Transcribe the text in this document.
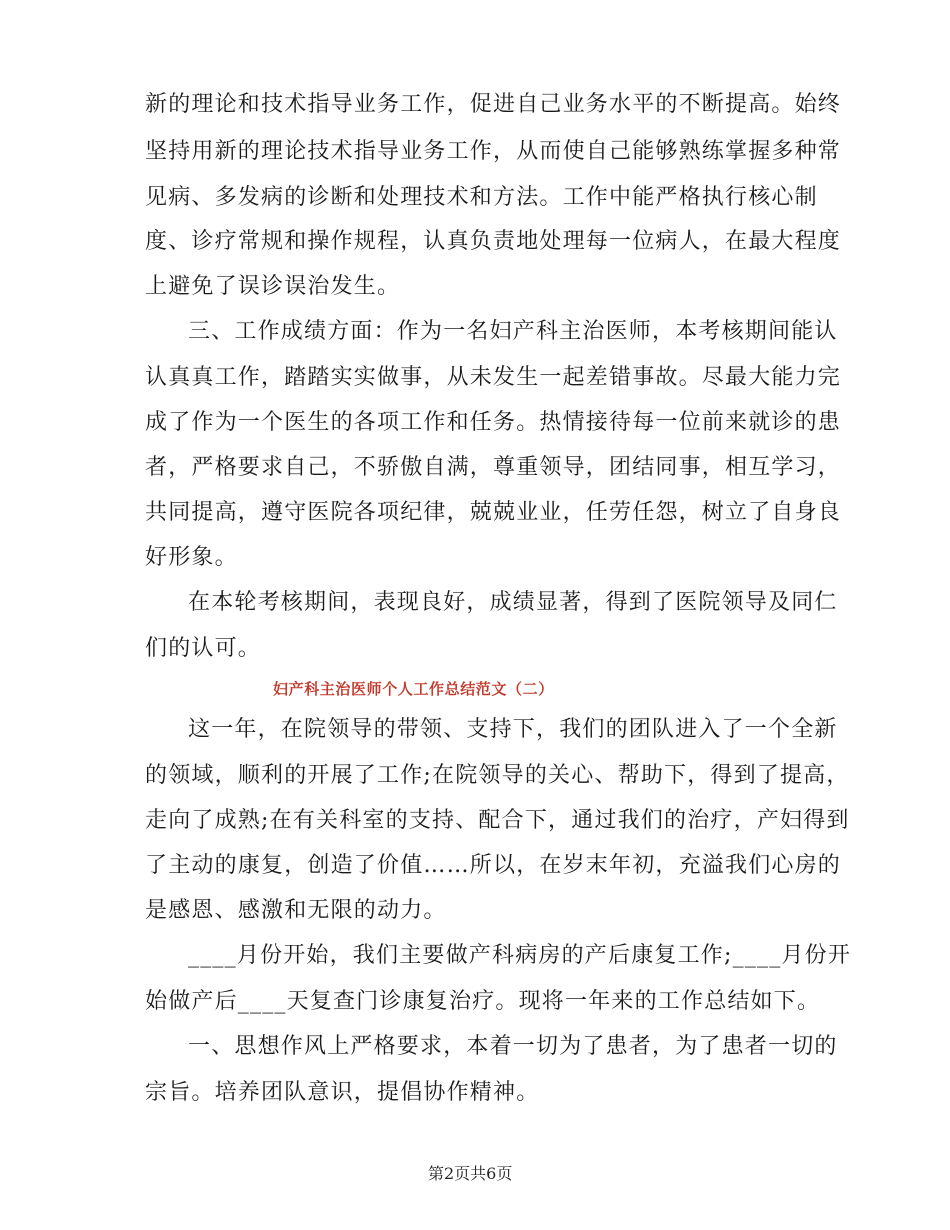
新的理论和技术指导业务工作，促进自己业务水平的不断提高。始终
坚持用新的理论技术指导业务工作，从而使自己能够熟练掌握多种常
见病、多发病的诊断和处理技术和方法。工作中能严格执行核心制
度、诊疗常规和操作规程，认真负责地处理每一位病人，在最大程度
上避免了误诊误治发生。
三、工作成绩方面：作为一名妇产科主治医师，本考核期间能认
认真真工作，踏踏实实做事，从未发生一起差错事故。尽最大能力完
成了作为一个医生的各项工作和任务。热情接待每一位前来就诊的患
者，严格要求自己，不骄傲自满，尊重领导，团结同事，相互学习，
共同提高，遵守医院各项纪律，兢兢业业，任劳任怨，树立了自身良
好形象。
在本轮考核期间，表现良好，成绩显著，得到了医院领导及同仁
们的认可。
妇产科主治医师个人工作总结范文（二）
这一年，在院领导的带领、支持下，我们的团队进入了一个全新
的领域，顺利的开展了工作;在院领导的关心、帮助下，得到了提高，
走向了成熟;在有关科室的支持、配合下，通过我们的治疗，产妇得到
了主动的康复，创造了价值……所以，在岁末年初，充溢我们心房的
是感恩、感激和无限的动力。
____月份开始，我们主要做产科病房的产后康复工作;____月份开
始做产后____天复查门诊康复治疗。现将一年来的工作总结如下。
一、思想作风上严格要求，本着一切为了患者，为了患者一切的
宗旨。培养团队意识，提倡协作精神。
第2页共6页
